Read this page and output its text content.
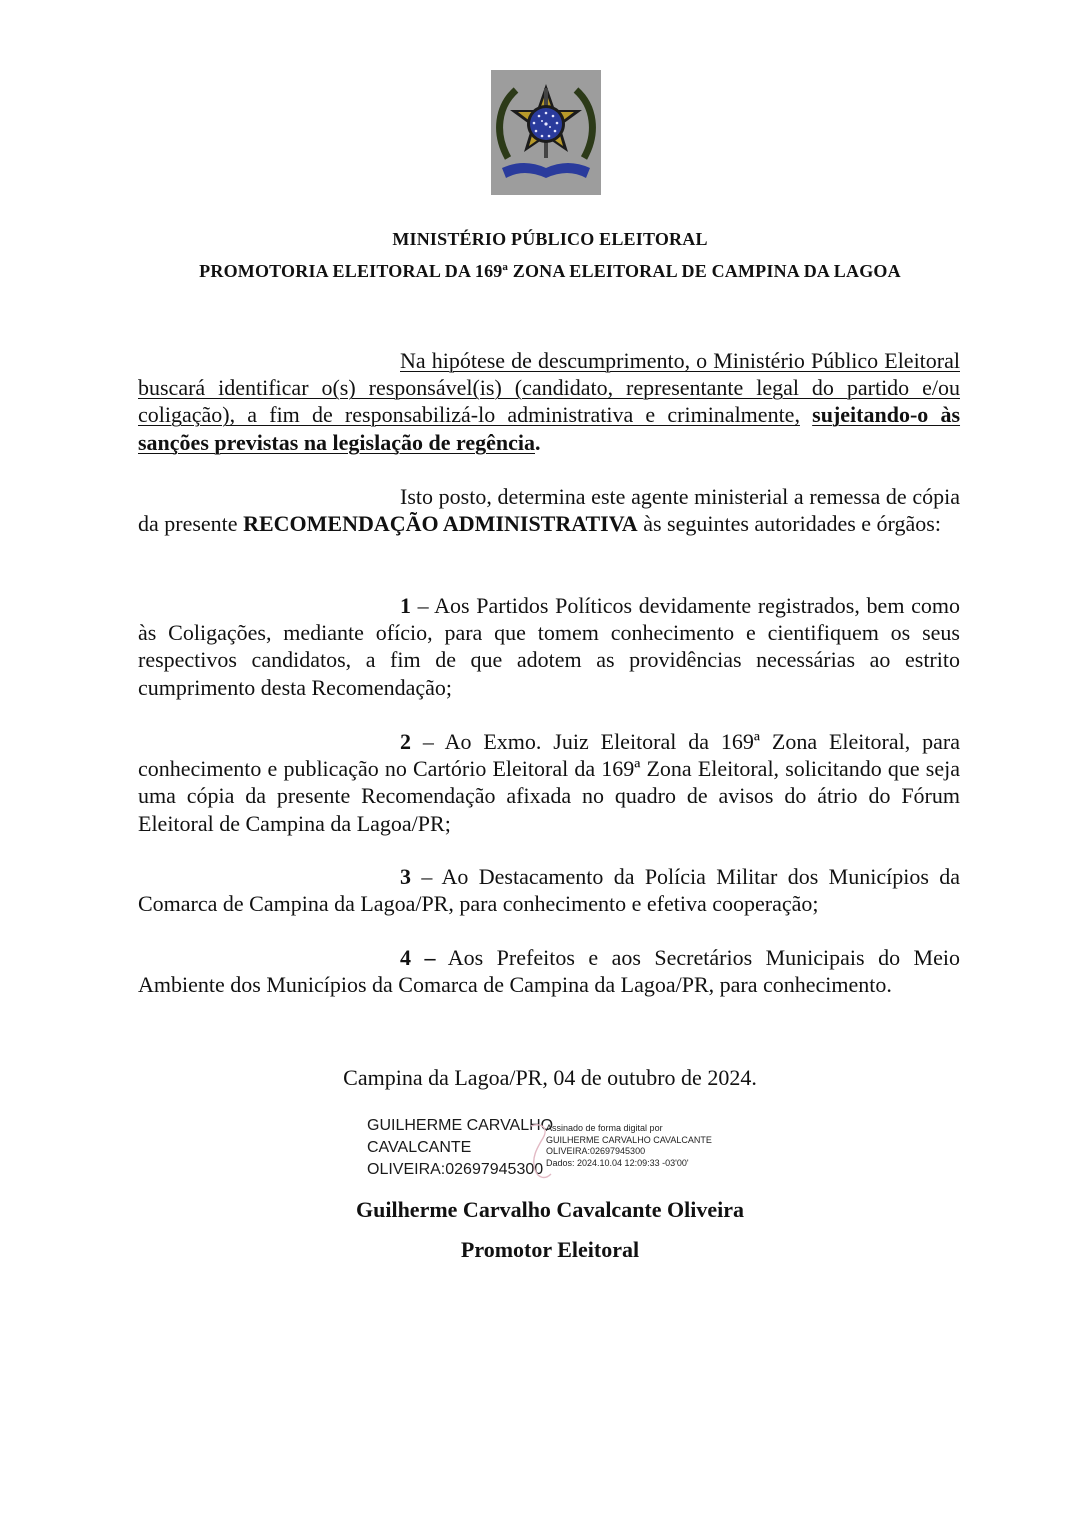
MINISTÉRIO PÚBLICO ELEITORAL
PROMOTORIA ELEITORAL DA 169ª ZONA ELEITORAL DE CAMPINA DA LAGOA
Na hipótese de descumprimento, o Ministério Público Eleitoral buscará identificar o(s) responsável(is) (candidato, representante legal do partido e/ou coligação), a fim de responsabilizá-lo administrativa e criminalmente, sujeitando-o às sanções previstas na legislação de regência.
Isto posto, determina este agente ministerial a remessa de cópia da presente RECOMENDAÇÃO ADMINISTRATIVA às seguintes autoridades e órgãos:
1 – Aos Partidos Políticos devidamente registrados, bem como às Coligações, mediante ofício, para que tomem conhecimento e cientifiquem os seus respectivos candidatos, a fim de que adotem as providências necessárias ao estrito cumprimento desta Recomendação;
2 – Ao Exmo. Juiz Eleitoral da 169ª Zona Eleitoral, para conhecimento e publicação no Cartório Eleitoral da 169ª Zona Eleitoral, solicitando que seja uma cópia da presente Recomendação afixada no quadro de avisos do átrio do Fórum Eleitoral de Campina da Lagoa/PR;
3 – Ao Destacamento da Polícia Militar dos Municípios da Comarca de Campina da Lagoa/PR, para conhecimento e efetiva cooperação;
4 – Aos Prefeitos e aos Secretários Municipais do Meio Ambiente dos Municípios da Comarca de Campina da Lagoa/PR, para conhecimento.
Campina da Lagoa/PR, 04 de outubro de 2024.
GUILHERME CARVALHO
CAVALCANTE
OLIVEIRA:02697945300
Assinado de forma digital por
GUILHERME CARVALHO CAVALCANTE
OLIVEIRA:02697945300
Dados: 2024.10.04 12:09:33 -03'00'
Guilherme Carvalho Cavalcante Oliveira
Promotor Eleitoral
